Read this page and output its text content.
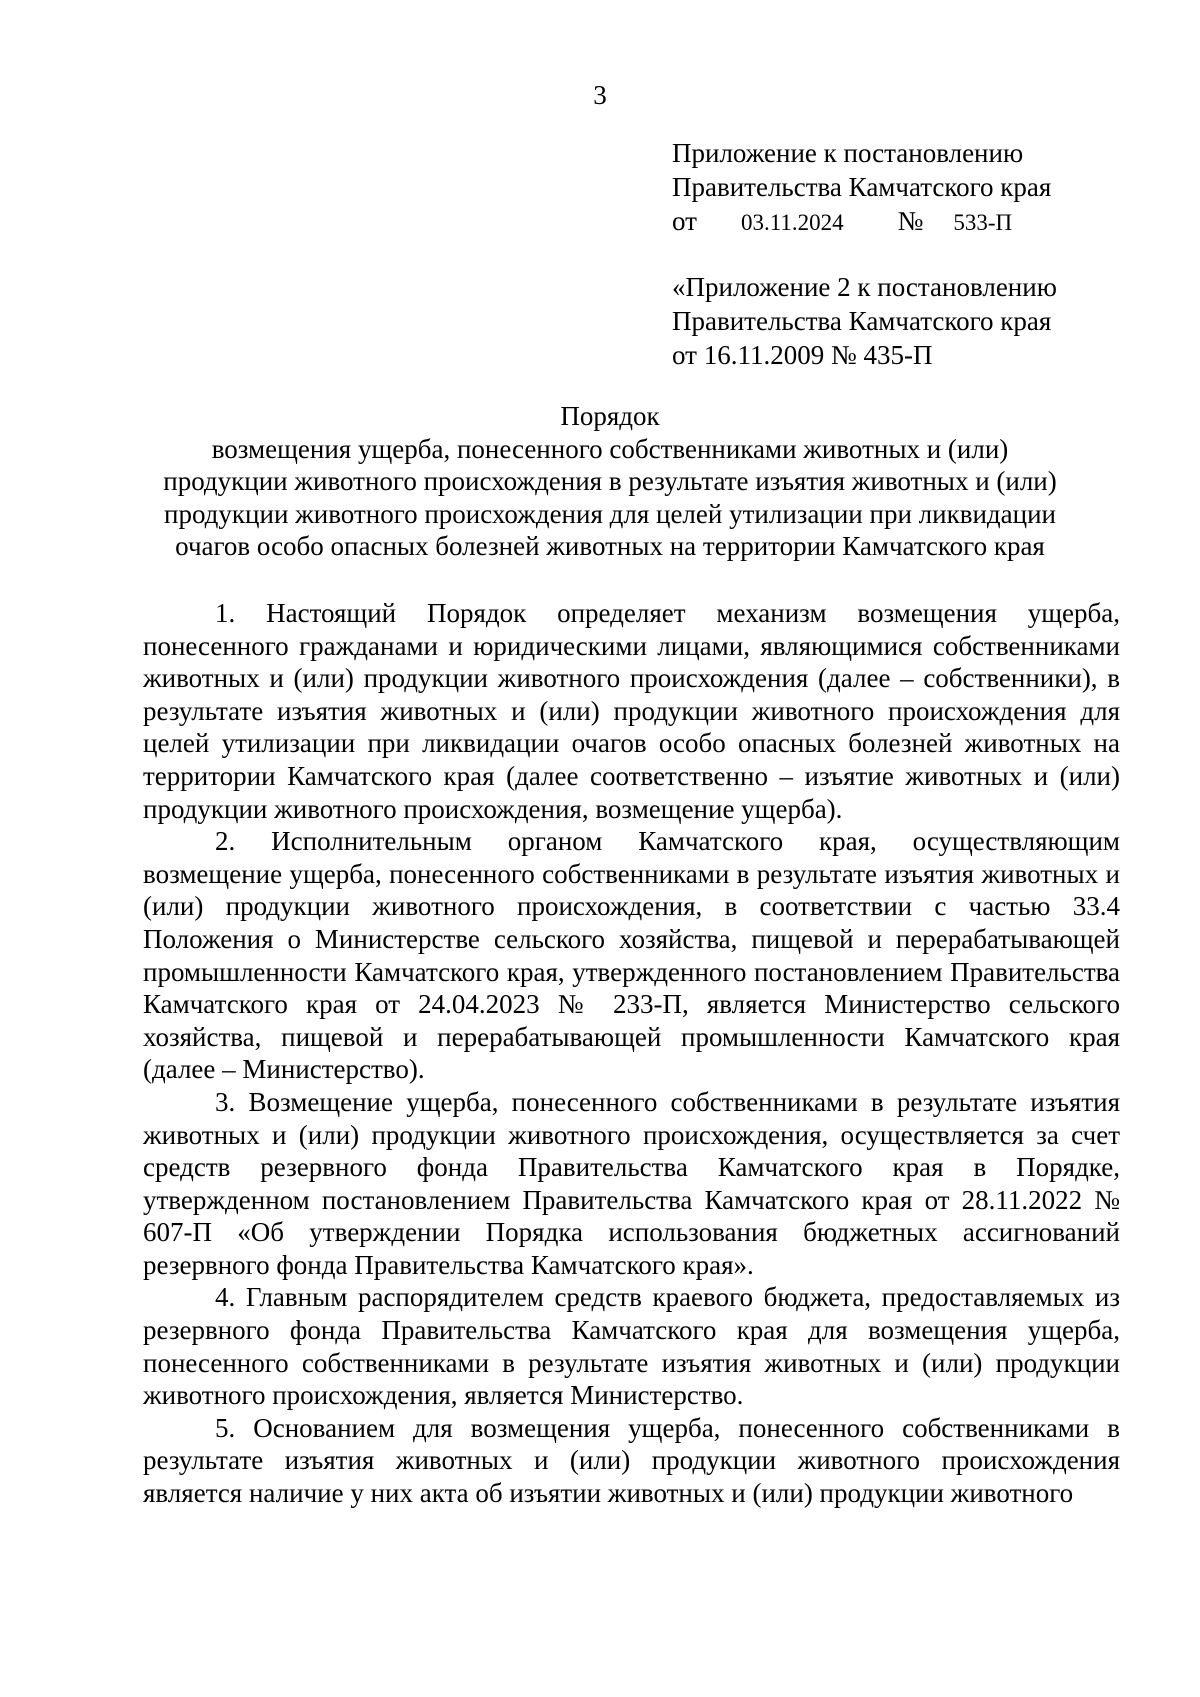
3
Приложение к постановлению
Правительства Камчатского края
от 03.11.2024 № 533-П
«Приложение 2 к постановлению
Правительства Камчатского края
от 16.11.2009 № 435-П
Порядок
возмещения ущерба, понесенного собственниками животных и (или)
продукции животного происхождения в результате изъятия животных и (или)
продукции животного происхождения для целей утилизации при ликвидации
очагов особо опасных болезней животных на территории Камчатского края

1. Настоящий Порядок определяет механизм возмещения ущерба, понесенного гражданами и юридическими лицами, являющимися собственниками животных и (или) продукции животного происхождения (далее – собственники), в результате изъятия животных и (или) продукции животного происхождения для целей утилизации при ликвидации очагов особо опасных болезней животных на территории Камчатского края (далее соответственно – изъятие животных и (или) продукции животного происхождения, возмещение ущерба).

2. Исполнительным органом Камчатского края, осуществляющим возмещение ущерба, понесенного собственниками в результате изъятия животных и (или) продукции животного происхождения, в соответствии с частью 33.4 Положения о Министерстве сельского хозяйства, пищевой и перерабатывающей промышленности Камчатского края, утвержденного постановлением Правительства Камчатского края от 24.04.2023 № 233-П, является Министерство сельского хозяйства, пищевой и перерабатывающей промышленности Камчатского края (далее – Министерство).

3. Возмещение ущерба, понесенного собственниками в результате изъятия животных и (или) продукции животного происхождения, осуществляется за счет средств резервного фонда Правительства Камчатского края в Порядке, утвержденном постановлением Правительства Камчатского края от 28.11.2022 № 607-П «Об утверждении Порядка использования бюджетных ассигнований резервного фонда Правительства Камчатского края».

4. Главным распорядителем средств краевого бюджета, предоставляемых из резервного фонда Правительства Камчатского края для возмещения ущерба, понесенного собственниками в результате изъятия животных и (или) продукции животного происхождения, является Министерство.

5. Основанием для возмещения ущерба, понесенного собственниками в результате изъятия животных и (или) продукции животного происхождения является наличие у них акта об изъятии животных и (или) продукции животного
